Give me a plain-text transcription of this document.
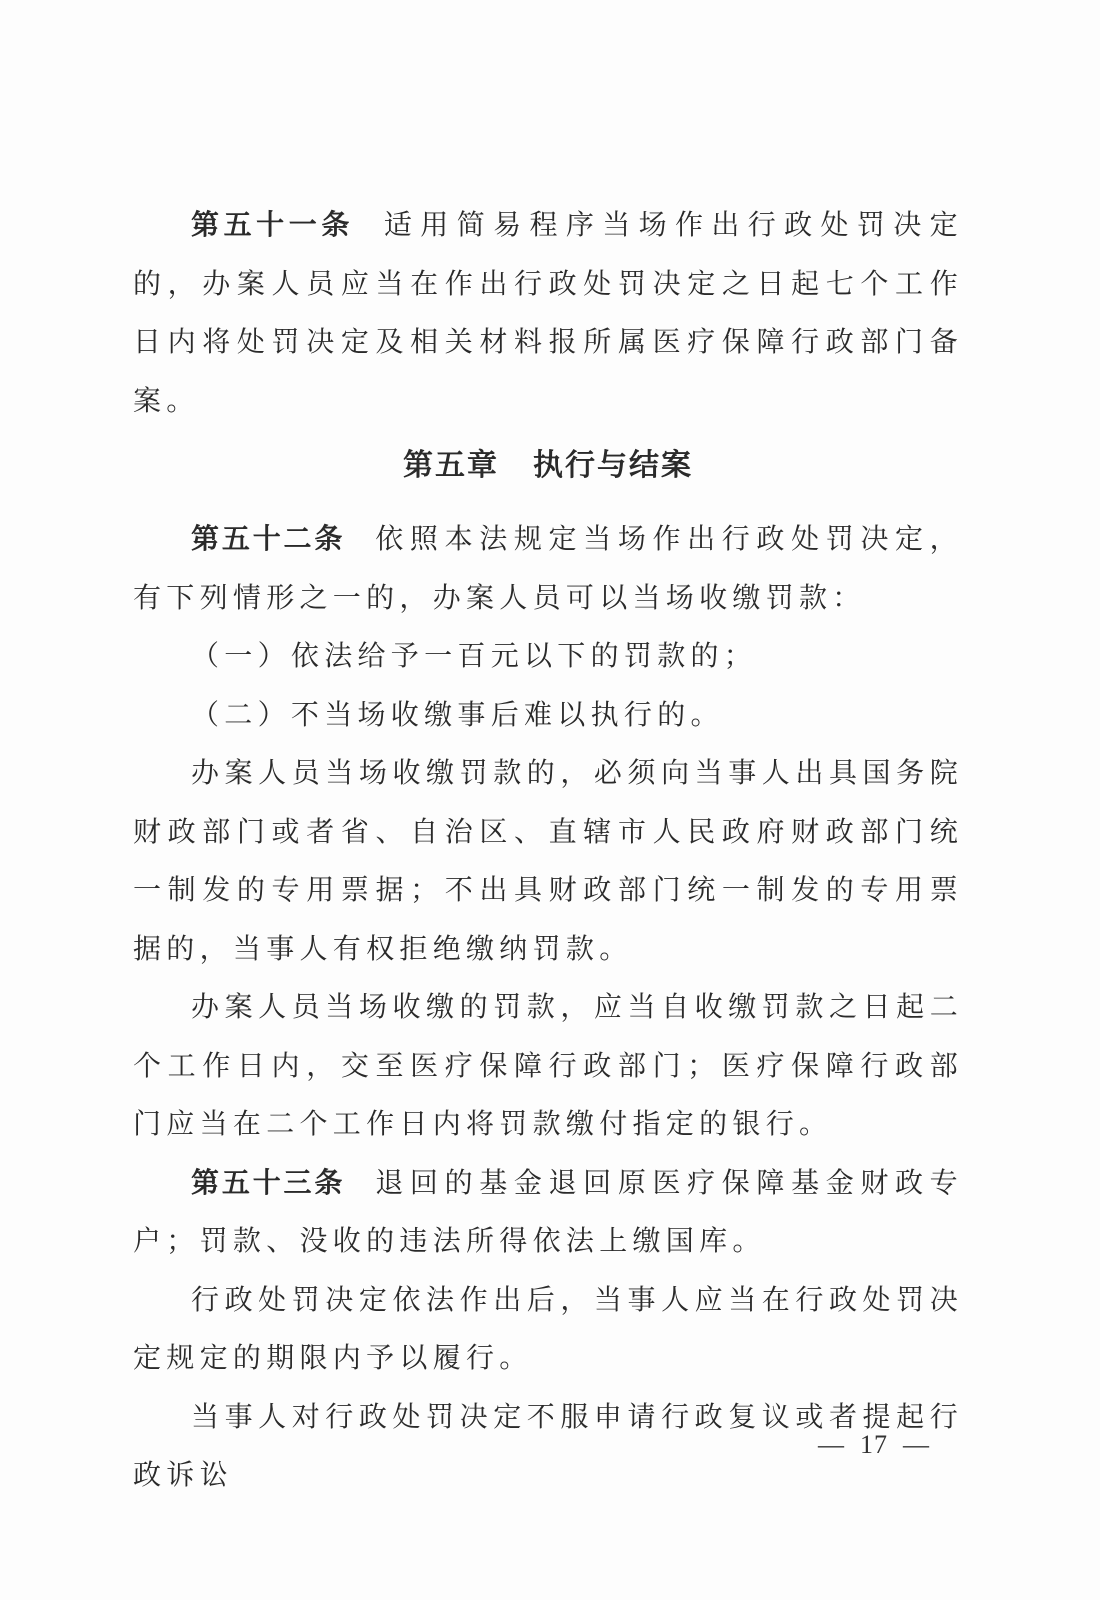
第五十一条 适用简易程序当场作出行政处罚决定的，办案人员应当在作出行政处罚决定之日起七个工作日内将处罚决定及相关材料报所属医疗保障行政部门备案。

第五章 执行与结案

第五十二条 依照本法规定当场作出行政处罚决定，有下列情形之一的，办案人员可以当场收缴罚款：

（一）依法给予一百元以下的罚款的；

（二）不当场收缴事后难以执行的。

办案人员当场收缴罚款的，必须向当事人出具国务院财政部门或者省、自治区、直辖市人民政府财政部门统一制发的专用票据；不出具财政部门统一制发的专用票据的，当事人有权拒绝缴纳罚款。

办案人员当场收缴的罚款，应当自收缴罚款之日起二个工作日内，交至医疗保障行政部门；医疗保障行政部门应当在二个工作日内将罚款缴付指定的银行。

第五十三条 退回的基金退回原医疗保障基金财政专户；罚款、没收的违法所得依法上缴国库。

行政处罚决定依法作出后，当事人应当在行政处罚决定规定的期限内予以履行。

当事人对行政处罚决定不服申请行政复议或者提起行政诉讼

— 17 —
